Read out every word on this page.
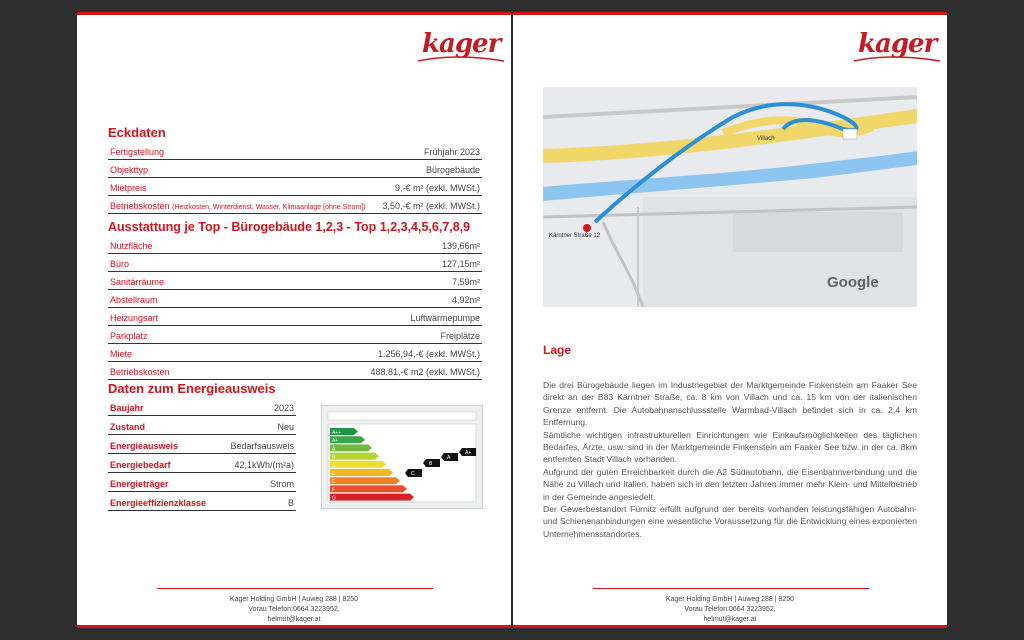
kager
Eckdaten
Fertigstellung	Frühjahr 2023
Objekttyp	Bürogebäude
Mietpreis	9,-€ m² (exkl. MWSt.)
Betriebskosten (Heizkosten, Winterdienst, Wasser, Klimaanlage [ohne Strom]) 3,50,-€ m² (exkl. MWSt.)
Ausstattung je Top - Bürogebäude 1,2,3 - Top 1,2,3,4,5,6,7,8,9
Nutzfläche	139,66m²
Büro	127,15m²
Sanitärräume	7,59m²
Abstellraum	4,92m²
Heizungsart	Luftwärmepumpe
Parkplatz	Freiplätze
Miete	1.256,94,-€ (exkl. MWSt.)
Betriebskosten	488,81,-€ m2 (exkl. MWSt.)
Daten zum Energieausweis
Baujahr	2023
Zustand	Neu
Energieausweis	Bedarfsausweis
Energiebedarf	42,1kWh/(m²a)
Energieträger	Strom
Energieeffizienzklasse	B
A++
A+
A
B
C
D
E
F
G
A+
A
B
C
Kager Holding GmbH | Auweg 288 | 8250
Vorau Telefon:0664 3223952,
helmut@kager.at
kager
Kärntner Straße 12
Villach
Google
Lage

Die drei Bürogebäude liegen im Industriegebiet der Marktgemeinde Finkenstein am Faaker See direkt an der B83 Kärntner Straße, ca. 8 km von Villach und ca. 15 km von der italienischen Grenze entfernt. Die Autobahnanschlussstelle Warmbad-Villach befindet sich in ca. 2,4 km Entfernung.

Sämtliche wichtigen infrastrukturellen Einrichtungen wie Einkaufsmöglichkeiten des täglichen Bedarfes, Ärzte, usw. sind in der Marktgemeinde Finkenstein am Faaker See bzw. in der ca. 8km entfernten Stadt Villach vorhanden.

Aufgrund der guten Erreichbarkeit durch die A2 Südautobahn, die Eisenbahnverbindung und die Nähe zu Villach und Italien, haben sich in den letzten Jahren immer mehr Klein- und Mittelbetrieb in der Gemeinde angesiedelt.

Der Gewerbestandort Fürnitz erfüllt aufgrund der bereits vorhanden leistungsfähigen Autobahn- und Schienenanbindungen eine wesentliche Voraussetzung für die Entwicklung eines exponierten Unternehmensstandortes.

Kager Holding GmbH | Auweg 288 | 8250
Vorau Telefon:0664 3223952,
helmut@kager.at
